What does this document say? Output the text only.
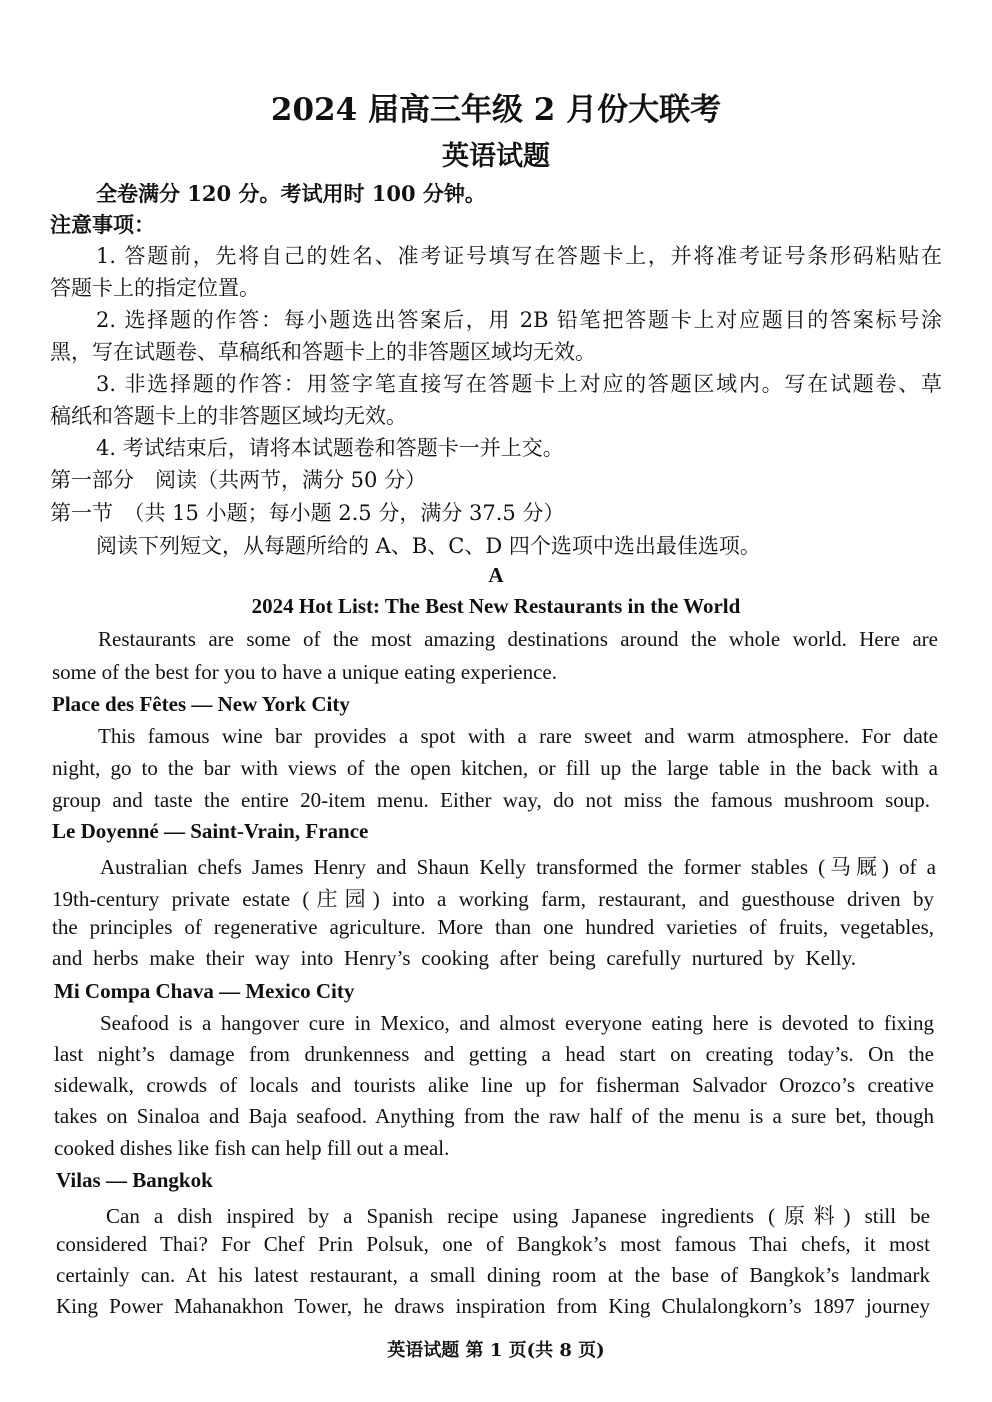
2024 届高三年级 2 月份大联考
英语试题
全卷满分 120 分。考试用时 100 分钟。
注意事项：
1. 答题前，先将自己的姓名、准考证号填写在答题卡上，并将准考证号条形码粘贴在
答题卡上的指定位置。
2. 选择题的作答：每小题选出答案后，用 2B 铅笔把答题卡上对应题目的答案标号涂
黑，写在试题卷、草稿纸和答题卡上的非答题区域均无效。
3. 非选择题的作答：用签字笔直接写在答题卡上对应的答题区域内。写在试题卷、草
稿纸和答题卡上的非答题区域均无效。
4. 考试结束后，请将本试题卷和答题卡一并上交。
第一部分　阅读（共两节，满分 50 分）
第一节　（共 15 小题；每小题 2.5 分，满分 37.5 分）
阅读下列短文，从每题所给的 A、B、C、D 四个选项中选出最佳选项。
A
2024 Hot List: The Best New Restaurants in the World
Restaurants are some of the most amazing destinations around the whole world. Here are
some of the best for you to have a unique eating experience.
Place des Fêtes — New York City
This famous wine bar provides a spot with a rare sweet and warm atmosphere. For date
night, go to the bar with views of the open kitchen, or fill up the large table in the back with a
group and taste the entire 20-item menu. Either way, do not miss the famous mushroom soup.
Le Doyenné — Saint-Vrain, France
Australian chefs James Henry and Shaun Kelly transformed the former stables (马厩) of a
19th-century private estate (庄园) into a working farm, restaurant, and guesthouse driven by
the principles of regenerative agriculture. More than one hundred varieties of fruits, vegetables,
and herbs make their way into Henry’s cooking after being carefully nurtured by Kelly.
Mi Compa Chava — Mexico City
Seafood is a hangover cure in Mexico, and almost everyone eating here is devoted to fixing
last night’s damage from drunkenness and getting a head start on creating today’s. On the
sidewalk, crowds of locals and tourists alike line up for fisherman Salvador Orozco’s creative
takes on Sinaloa and Baja seafood. Anything from the raw half of the menu is a sure bet, though
cooked dishes like fish can help fill out a meal.
Vilas — Bangkok
Can a dish inspired by a Spanish recipe using Japanese ingredients (原料) still be
considered Thai? For Chef Prin Polsuk, one of Bangkok’s most famous Thai chefs, it most
certainly can. At his latest restaurant, a small dining room at the base of Bangkok’s landmark
King Power Mahanakhon Tower, he draws inspiration from King Chulalongkorn’s 1897 journey
英语试题 第 1 页(共 8 页)
